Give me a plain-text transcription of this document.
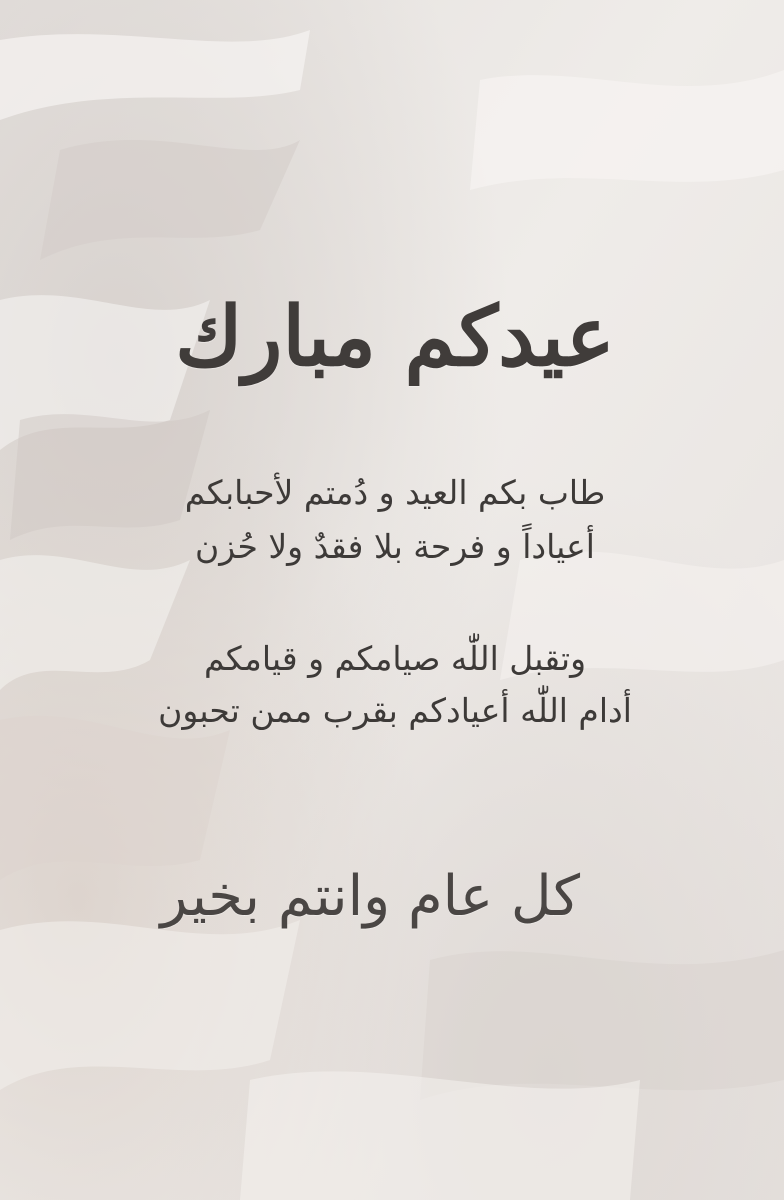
عيدكم مبارك
طاب بكم العيد و دُمتم لأحبابكم
أعياداً و فرحة بلا فقدٌ ولا حُزن
وتقبل اللّٰه صيامكم و قيامكم
أدام اللّٰه أعيادكم بقرب ممن تحبون
كل عام وانتم بخير
